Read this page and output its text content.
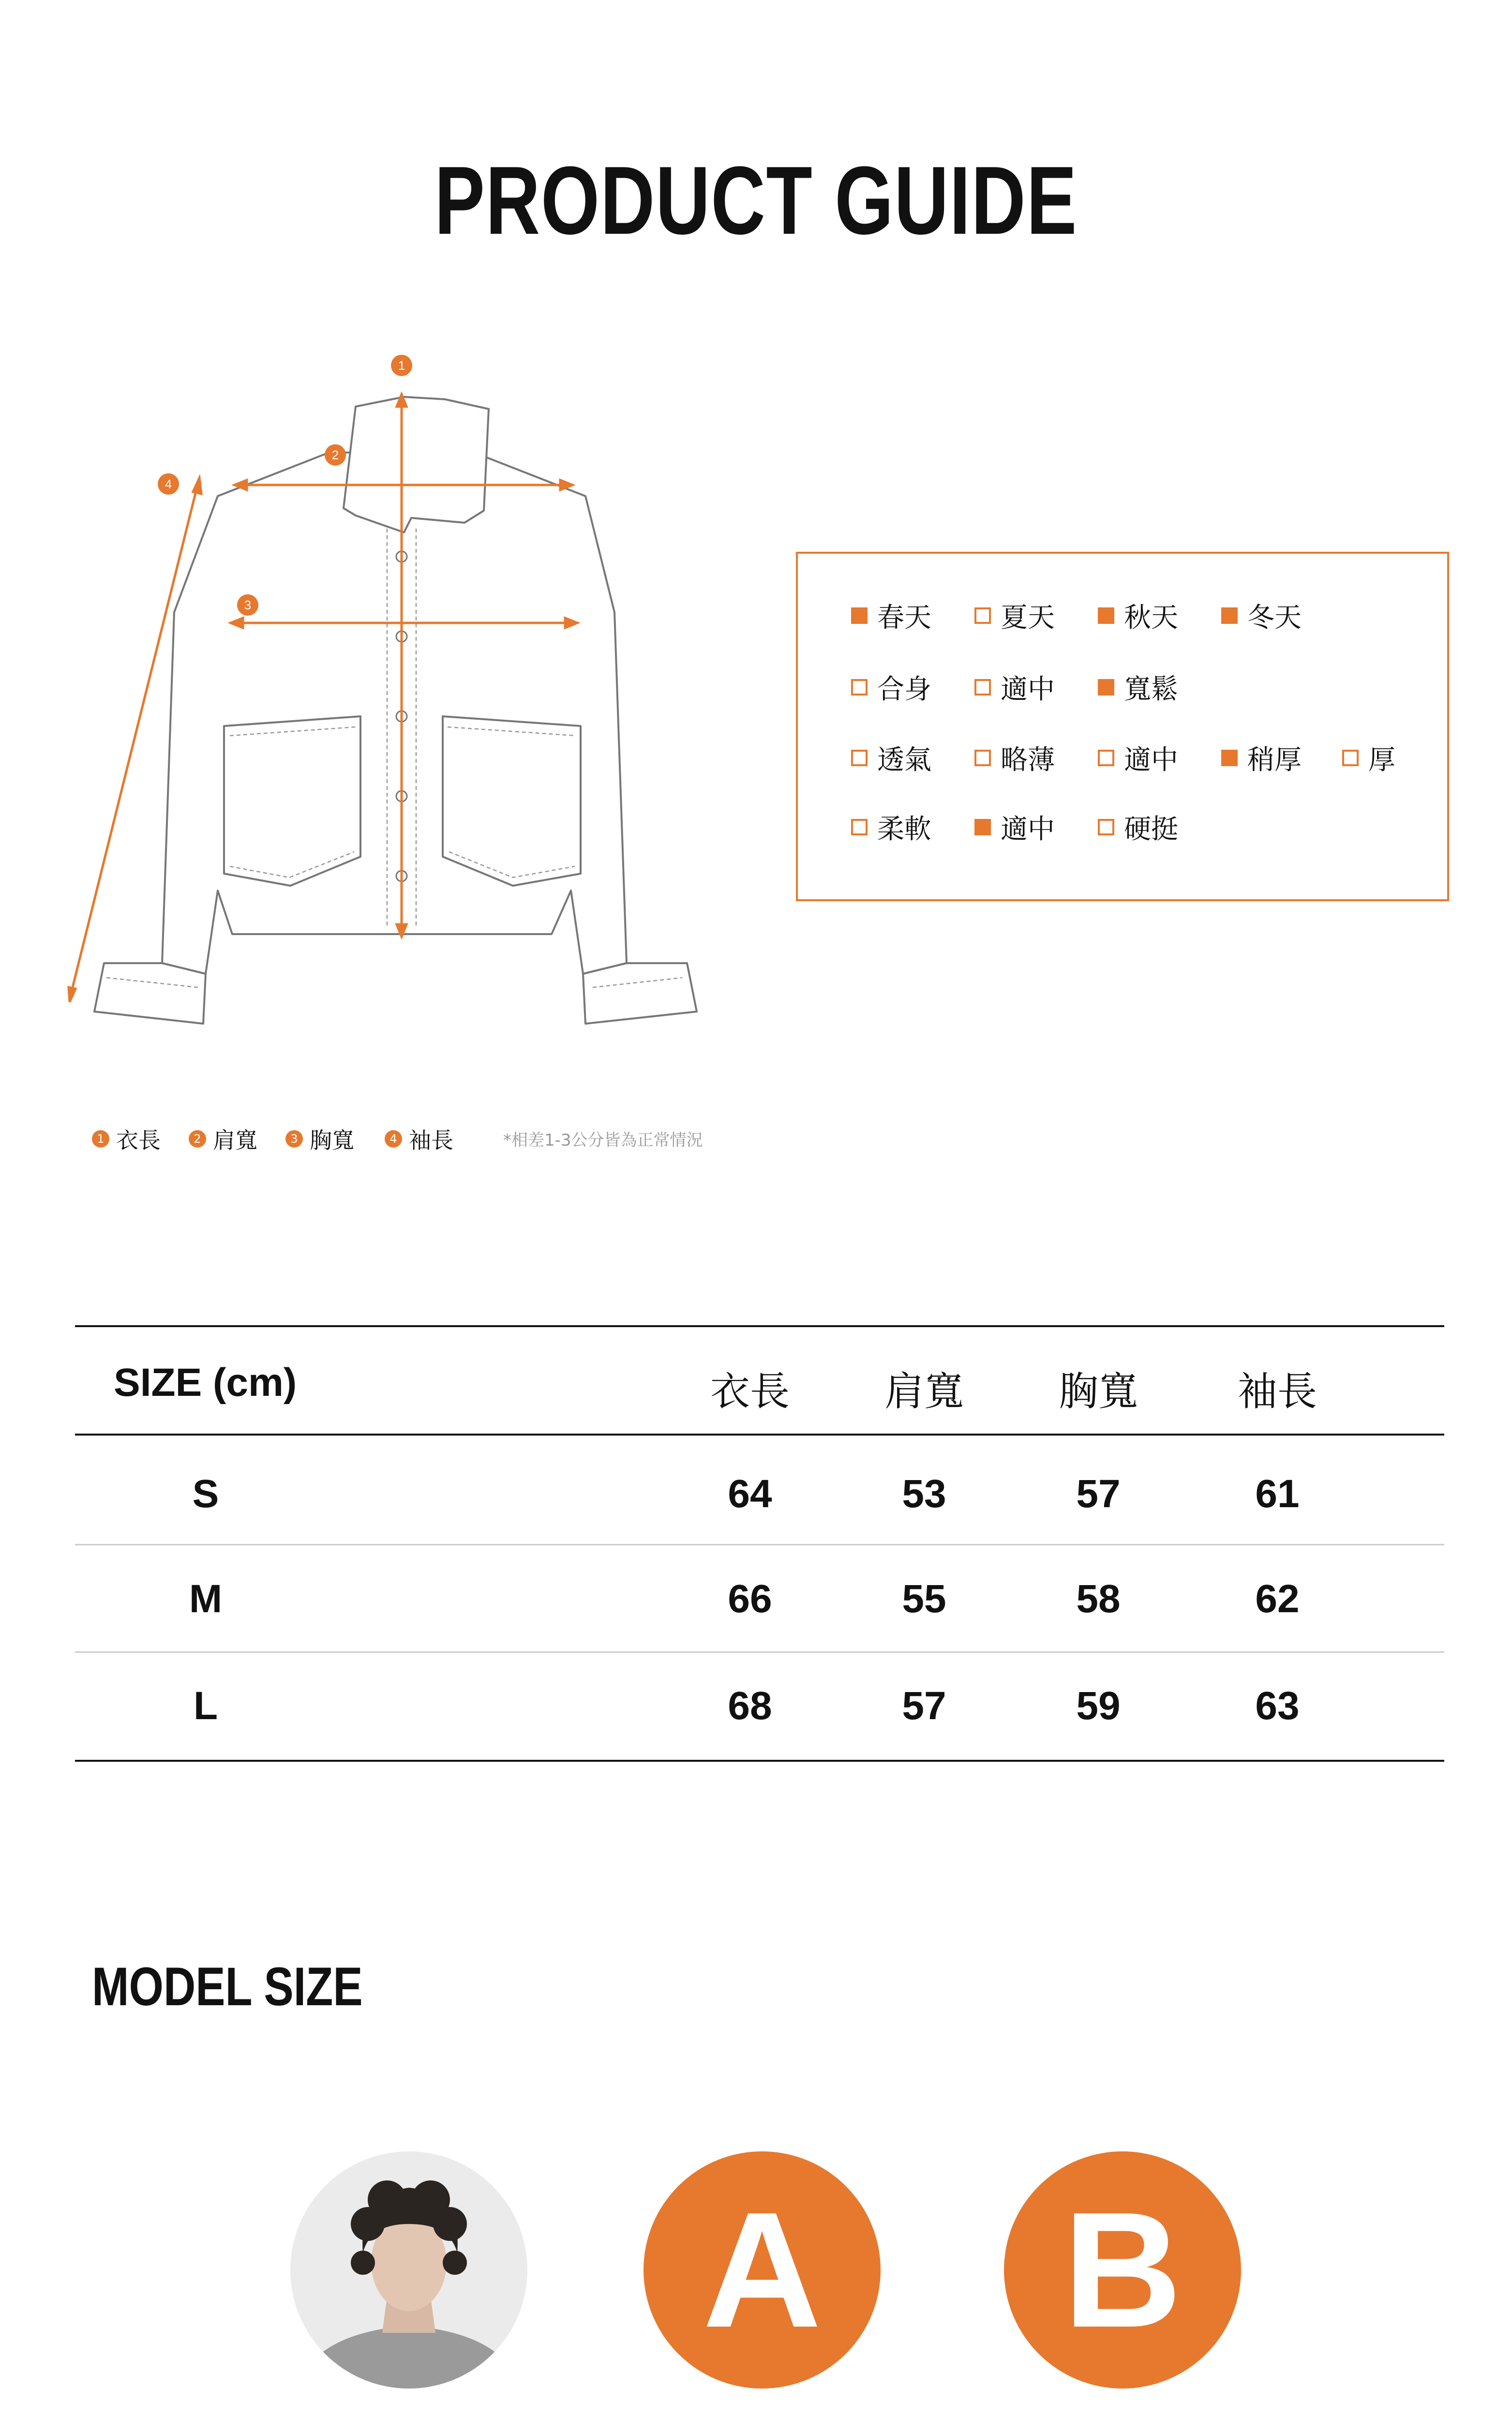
PRODUCT GUIDE
1
2
3
4
春天	夏天	秋天	冬天
合身	適中	寬鬆
透氣	略薄	適中	稍厚 厚
柔軟	適中	硬挺
1 衣長	2 肩寬	3 胸寬	4 袖長	*相差1-3公分皆為正常情況
SIZE (cm)	衣長	肩寬	胸寬	袖長
S	64	53	57	61
M	66	55	58	62
L	68	57	59	63
MODEL SIZE
A	B
